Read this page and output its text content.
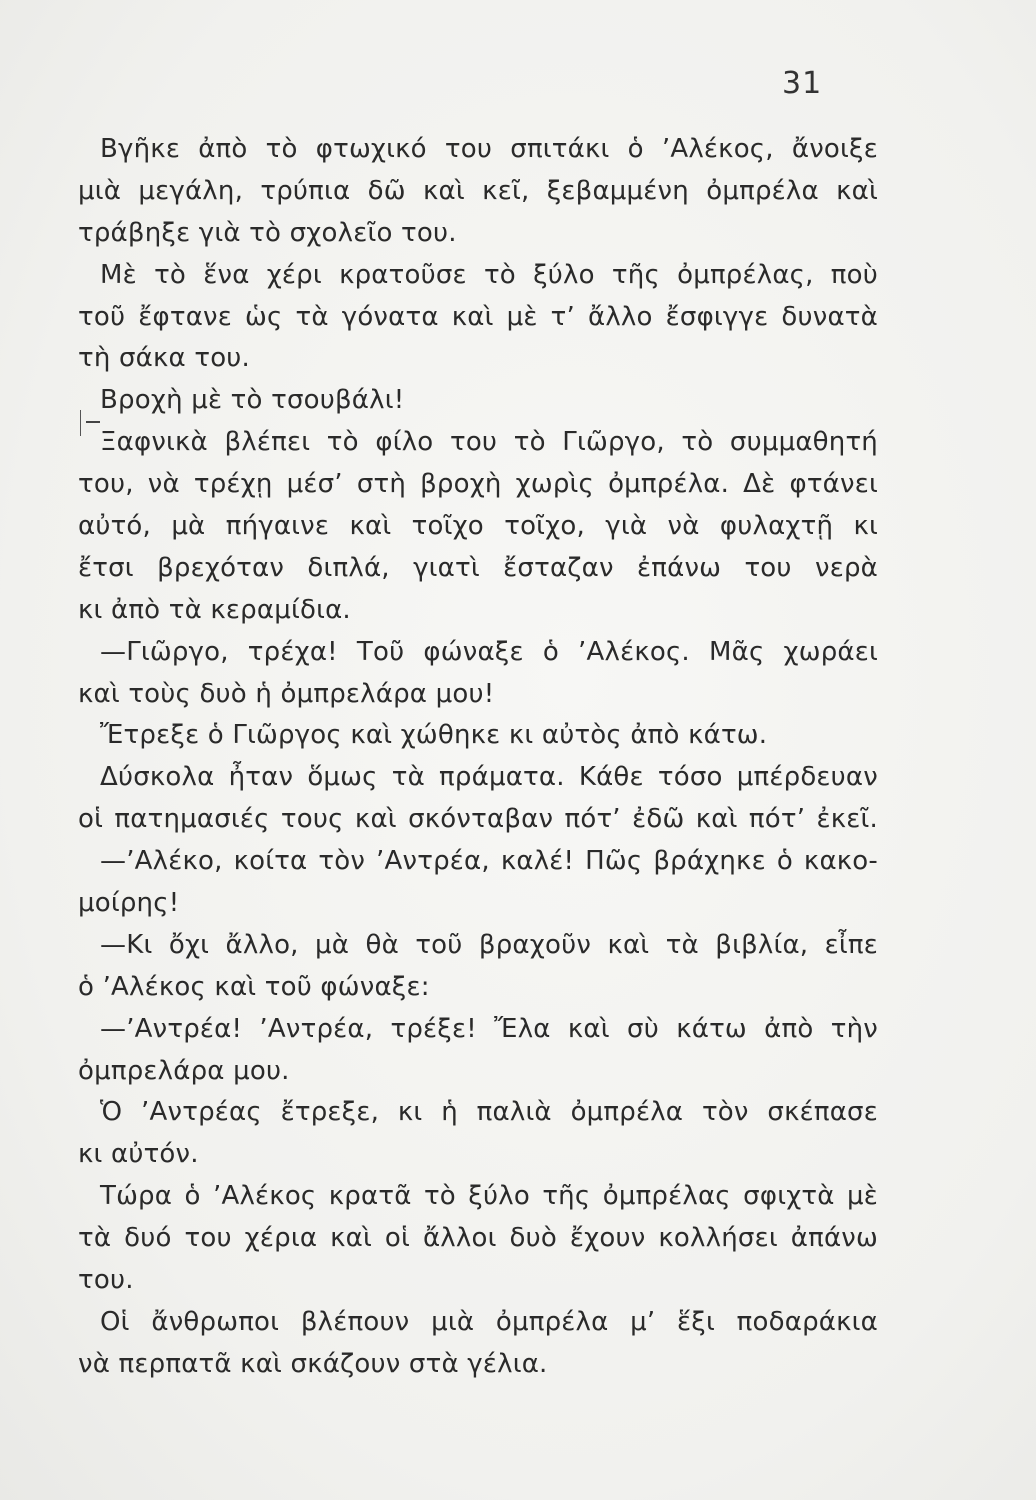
31
Βγῆκε ἀπὸ τὸ φτωχικό του σπιτάκι ὁ ’Αλέκος, ἄνοιξε
μιὰ μεγάλη, τρύπια δῶ καὶ κεῖ, ξεβαμμένη ὀμπρέλα καὶ
τράβηξε γιὰ τὸ σχολεῖο του.
Μὲ τὸ ἕνα χέρι κρατοῦσε τὸ ξύλο τῆς ὀμπρέλας, ποὺ
τοῦ ἔφτανε ὡς τὰ γόνατα καὶ μὲ τ’ ἄλλο ἔσφιγγε δυνατὰ
τὴ σάκα του.
Βροχὴ μὲ τὸ τσουβάλι!
Ξαφνικὰ βλέπει τὸ φίλο του τὸ Γιῶργο, τὸ συμμαθητή
του, νὰ τρέχῃ μέσ’ στὴ βροχὴ χωρὶς ὀμπρέλα. Δὲ φτάνει
αὐτό, μὰ πήγαινε καὶ τοῖχο τοῖχο, γιὰ νὰ φυλαχτῇ κι
ἔτσι βρεχόταν διπλά, γιατὶ ἔσταζαν ἐπάνω του νερὰ
κι ἀπὸ τὰ κεραμίδια.
—Γιῶργο, τρέχα! Τοῦ φώναξε ὁ ’Αλέκος. Μᾶς χωράει
καὶ τοὺς δυὸ ἡ ὀμπρελάρα μου!
Ἔτρεξε ὁ Γιῶργος καὶ χώθηκε κι αὐτὸς ἀπὸ κάτω.
Δύσκολα ἦταν ὅμως τὰ πράματα. Κάθε τόσο μπέρδευαν
οἱ πατημασιές τους καὶ σκόνταβαν πότ’ ἐδῶ καὶ πότ’ ἐκεῖ.
—’Αλέκο, κοίτα τὸν ’Αντρέα, καλέ! Πῶς βράχηκε ὁ κακο-
μοίρης!
—Κι ὄχι ἄλλο, μὰ θὰ τοῦ βραχοῦν καὶ τὰ βιβλία, εἶπε
ὁ ’Αλέκος καὶ τοῦ φώναξε:
—’Αντρέα! ’Αντρέα, τρέξε! Ἔλα καὶ σὺ κάτω ἀπὸ τὴν
ὀμπρελάρα μου.
Ὁ ’Αντρέας ἔτρεξε, κι ἡ παλιὰ ὀμπρέλα τὸν σκέπασε
κι αὐτόν.
Τώρα ὁ ’Αλέκος κρατᾶ τὸ ξύλο τῆς ὀμπρέλας σφιχτὰ μὲ
τὰ δυό του χέρια καὶ οἱ ἄλλοι δυὸ ἔχουν κολλήσει ἀπάνω
του.
Οἱ ἄνθρωποι βλέπουν μιὰ ὀμπρέλα μ’ ἕξι ποδαράκια
νὰ περπατᾶ καὶ σκάζουν στὰ γέλια.
